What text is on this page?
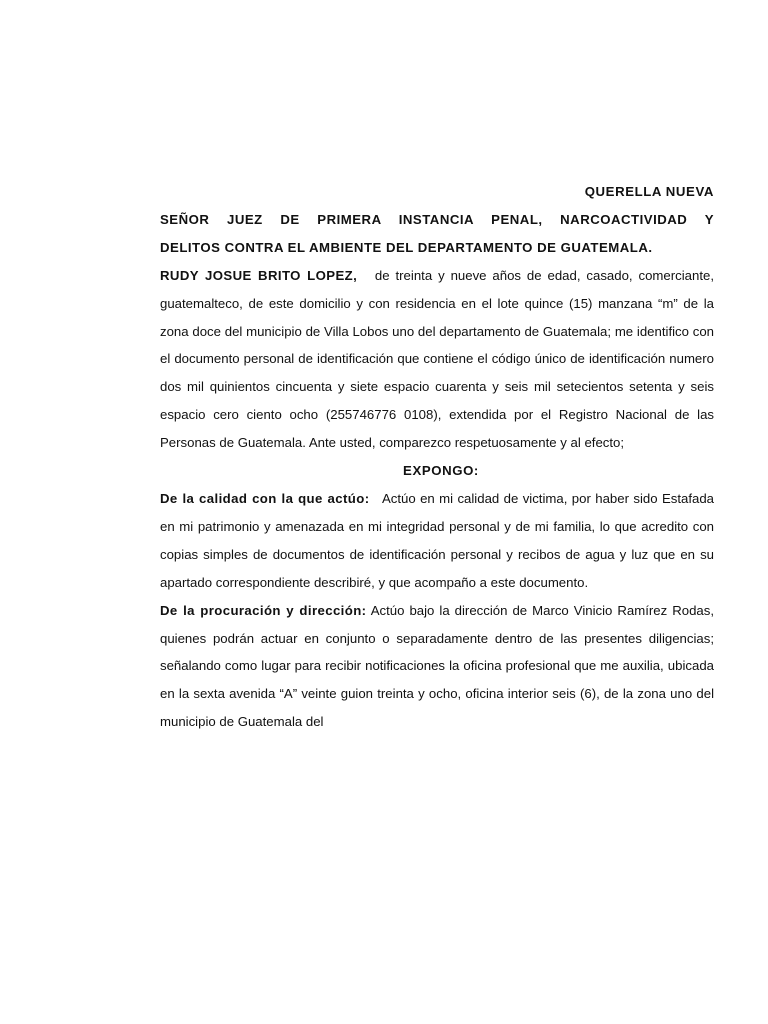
QUERELLA NUEVA

SEÑOR JUEZ DE PRIMERA INSTANCIA PENAL, NARCOACTIVIDAD Y
DELITOS CONTRA EL AMBIENTE DEL DEPARTAMENTO DE GUATEMALA.

RUDY JOSUE BRITO LOPEZ, de treinta y nueve años de edad, casado, comerciante, guatemalteco, de este domicilio y con residencia en el lote quince (15) manzana “m” de la zona doce del municipio de Villa Lobos uno del departamento de Guatemala; me identifico con el documento personal de identificación que contiene el código único de identificación numero dos mil quinientos cincuenta y siete espacio cuarenta y seis mil setecientos setenta y seis espacio cero ciento ocho (255746776 0108), extendida por el Registro Nacional de las Personas de Guatemala. Ante usted, comparezco respetuosamente y al efecto;

EXPONGO:

De la calidad con la que actúo: Actúo en mi calidad de victima, por haber sido Estafada en mi patrimonio y amenazada en mi integridad personal y de mi familia, lo que acredito con copias simples de documentos de identificación personal y recibos de agua y luz que en su apartado correspondiente describiré, y que acompaño a este documento.

De la procuración y dirección: Actúo bajo la dirección de Marco Vinicio Ramírez Rodas, quienes podrán actuar en conjunto o separadamente dentro de las presentes diligencias; señalando como lugar para recibir notificaciones la oficina profesional que me auxilia, ubicada en la sexta avenida “A” veinte guion treinta y ocho, oficina interior seis (6), de la zona uno del municipio de Guatemala del
